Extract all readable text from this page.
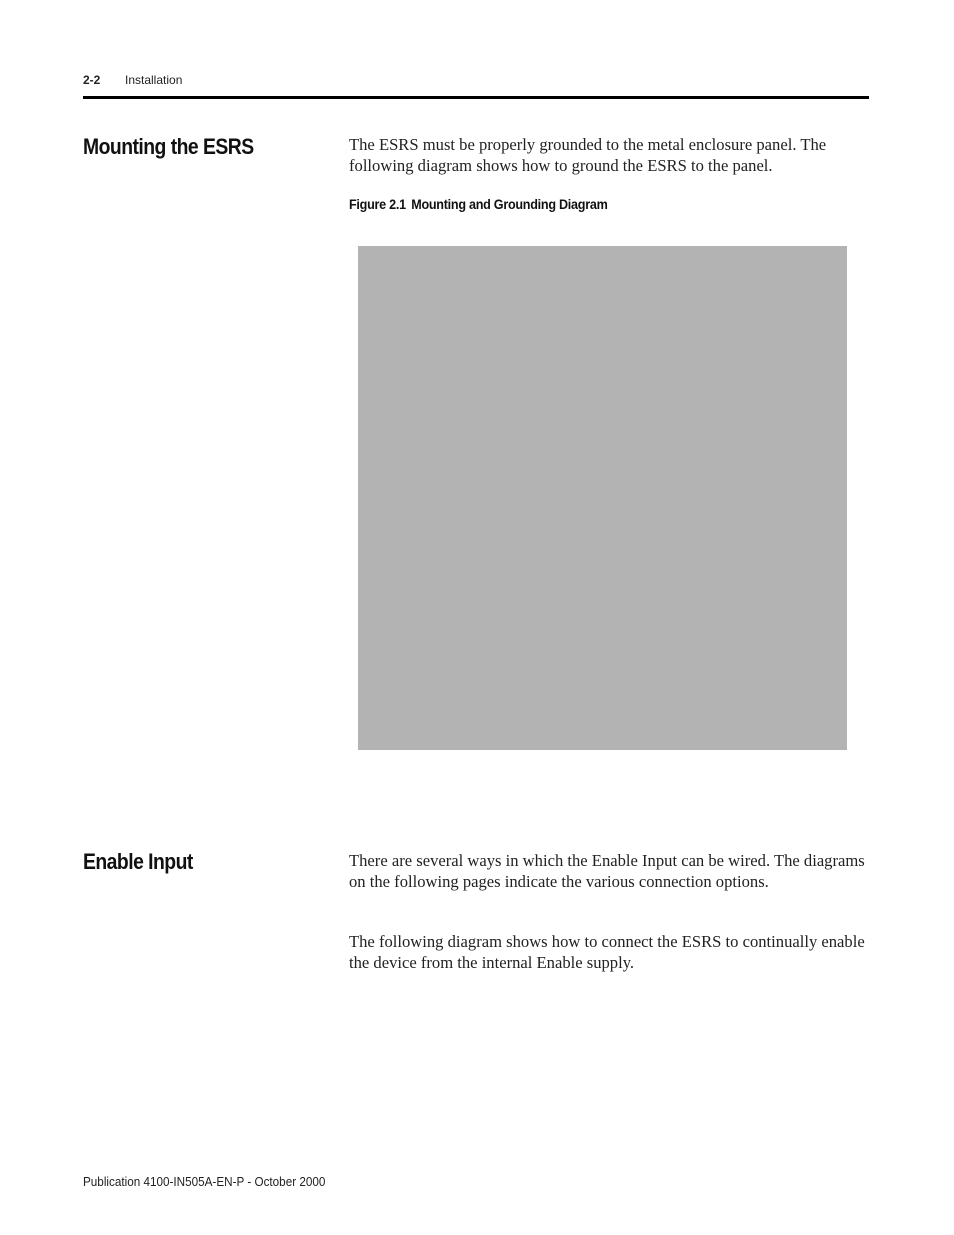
2-2 Installation
Mounting the ESRS	The ESRS must be properly grounded to the metal enclosure panel. The following diagram shows how to ground the ESRS to the panel.

Figure 2.1 Mounting and Grounding Diagram
Enable Input	There are several ways in which the Enable Input can be wired. The diagrams on the following pages indicate the various connection options.

The following diagram shows how to connect the ESRS to continually enable the device from the internal Enable supply.

Publication 4100-IN505A-EN-P - October 2000
